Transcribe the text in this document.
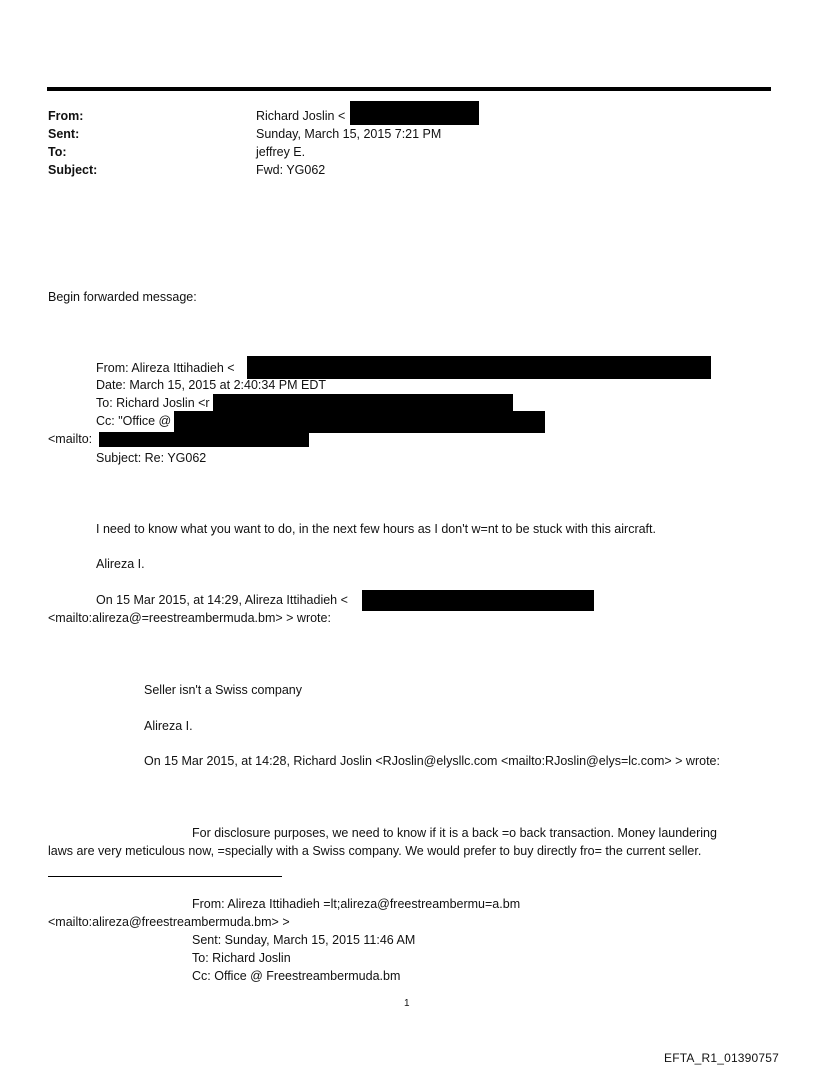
From:	Richard Joslin <
Sent:	Sunday, March 15, 2015 7:21 PM
To:	jeffrey E.
Subject:	Fwd: YG062
Begin forwarded message:
From: Alireza Ittihadieh <
Date: March 15, 2015 at 2:40:34 PM EDT
To: Richard Joslin <r
Cc: "Office @
<mailto:
Subject: Re: YG062
I need to know what you want to do, in the next few hours as I don't w=nt to be stuck with this aircraft.
Alireza I.
On 15 Mar 2015, at 14:29, Alireza Ittihadieh <
<mailto:alireza@=reestreambermuda.bm> > wrote:
Seller isn't a Swiss company
Alireza I.
On 15 Mar 2015, at 14:28, Richard Joslin <RJoslin@elysllc.com <mailto:RJoslin@elys=lc.com> > wrote:
For disclosure purposes, we need to know if it is a back =o back transaction. Money laundering
laws are very meticulous now, =specially with a Swiss company. We would prefer to buy directly fro= the current seller.
From: Alireza Ittihadieh =lt;alireza@freestreambermu=a.bm
<mailto:alireza@freestreambermuda.bm> >
Sent: Sunday, March 15, 2015 11:46 AM
To: Richard Joslin
Cc: Office @ Freestreambermuda.bm
1
EFTA_R1_01390757
